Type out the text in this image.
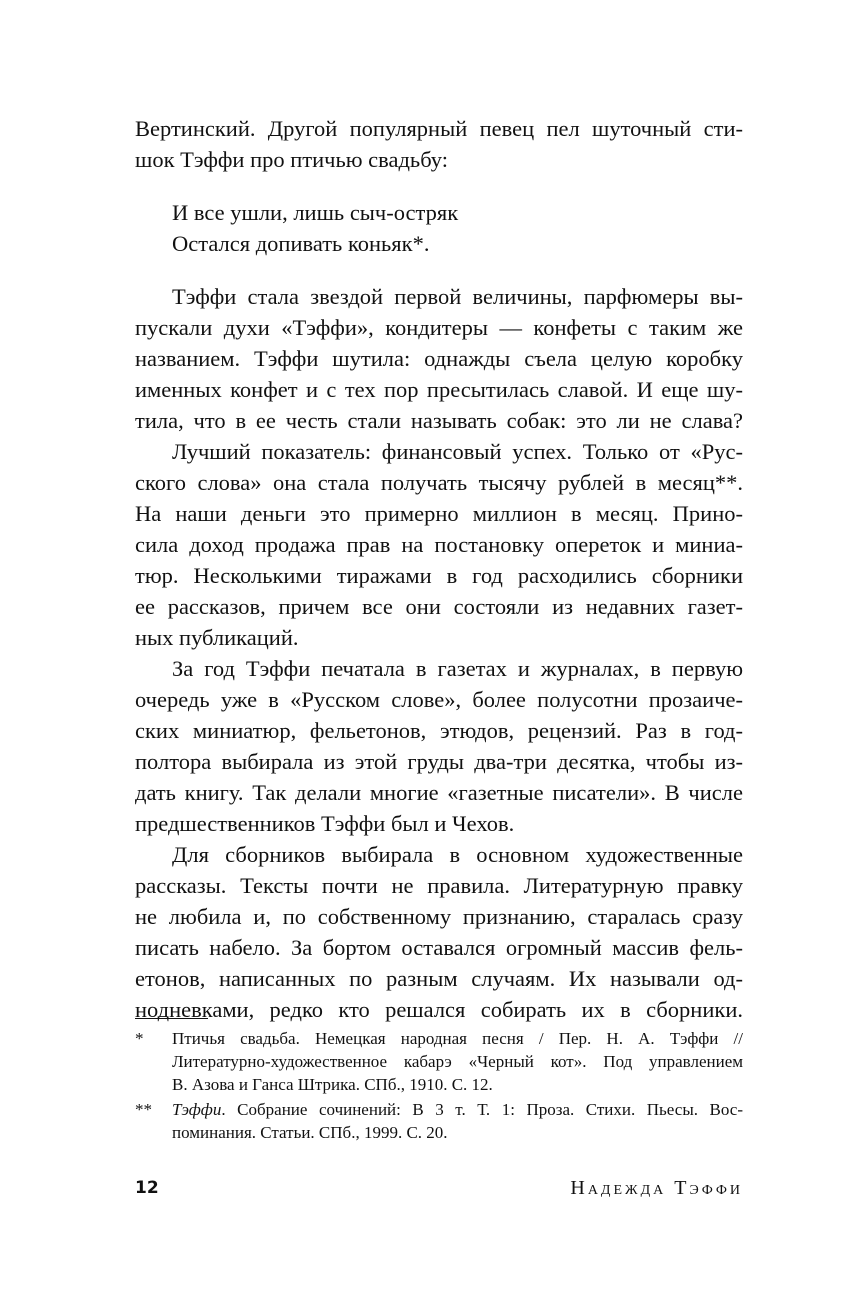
Вертинский. Другой популярный певец пел шуточный сти-
шок Тэффи про птичью свадьбу:
И все ушли, лишь сыч-остряк
Остался допивать коньяк*.
Тэффи стала звездой первой величины, парфюмеры вы-
пускали духи «Тэффи», кондитеры — конфеты с таким же
названием. Тэффи шутила: однажды съела целую коробку
именных конфет и с тех пор пресытилась славой. И еще шу-
тила, что в ее честь стали называть собак: это ли не слава?
Лучший показатель: финансовый успех. Только от «Рус-
ского слова» она стала получать тысячу рублей в месяц**.
На наши деньги это примерно миллион в месяц. Прино-
сила доход продажа прав на постановку опереток и миниа-
тюр. Несколькими тиражами в год расходились сборники
ее рассказов, причем все они состояли из недавних газет-
ных публикаций.
За год Тэффи печатала в газетах и журналах, в первую
очередь уже в «Русском слове», более полусотни прозаиче-
ских миниатюр, фельетонов, этюдов, рецензий. Раз в год-
полтора выбирала из этой груды два-три десятка, чтобы из-
дать книгу. Так делали многие «газетные писатели». В числе
предшественников Тэффи был и Чехов.
Для сборников выбирала в основном художественные
рассказы. Тексты почти не правила. Литературную правку
не любила и, по собственному признанию, старалась сразу
писать набело. За бортом оставался огромный массив фель-
етонов, написанных по разным случаям. Их называли од-
нодневками, редко кто решался собирать их в сборники.
* Птичья свадьба. Немецкая народная песня / Пер. Н. А. Тэффи //
Литературно-художественное кабарэ «Черный кот». Под управлением
В. Азова и Ганса Штрика. СПб., 1910. С. 12.
** Тэффи. Собрание сочинений: В 3 т. Т. 1: Проза. Стихи. Пьесы. Вос-
поминания. Статьи. СПб., 1999. С. 20.
12	Надежда Тэффи
